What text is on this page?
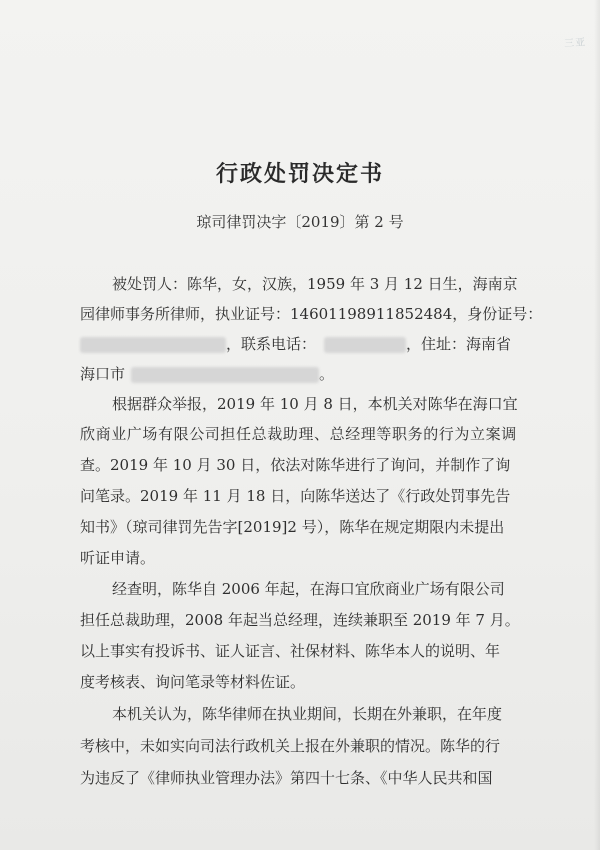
三亚
行政处罚决定书
琼司律罚决字〔2019〕第 2 号
被处罚人：陈华，女，汉族，1959 年 3 月 12 日生，海南京
园律师事务所律师，执业证号：14601198911852484，身份证号：
，联系电话：	，住址：海南省
海口市	。
根据群众举报，2019 年 10 月 8 日，本机关对陈华在海口宜
欣商业广场有限公司担任总裁助理、总经理等职务的行为立案调
查。2019 年 10 月 30 日，依法对陈华进行了询问，并制作了询
问笔录。2019 年 11 月 18 日，向陈华送达了《行政处罚事先告
知书》（琼司律罚先告字[2019]2 号），陈华在规定期限内未提出
听证申请。
经查明，陈华自 2006 年起，在海口宜欣商业广场有限公司
担任总裁助理，2008 年起当总经理，连续兼职至 2019 年 7 月。
以上事实有投诉书、证人证言、社保材料、陈华本人的说明、年
度考核表、询问笔录等材料佐证。
本机关认为，陈华律师在执业期间，长期在外兼职，在年度
考核中，未如实向司法行政机关上报在外兼职的情况。陈华的行
为违反了《律师执业管理办法》第四十七条、《中华人民共和国
